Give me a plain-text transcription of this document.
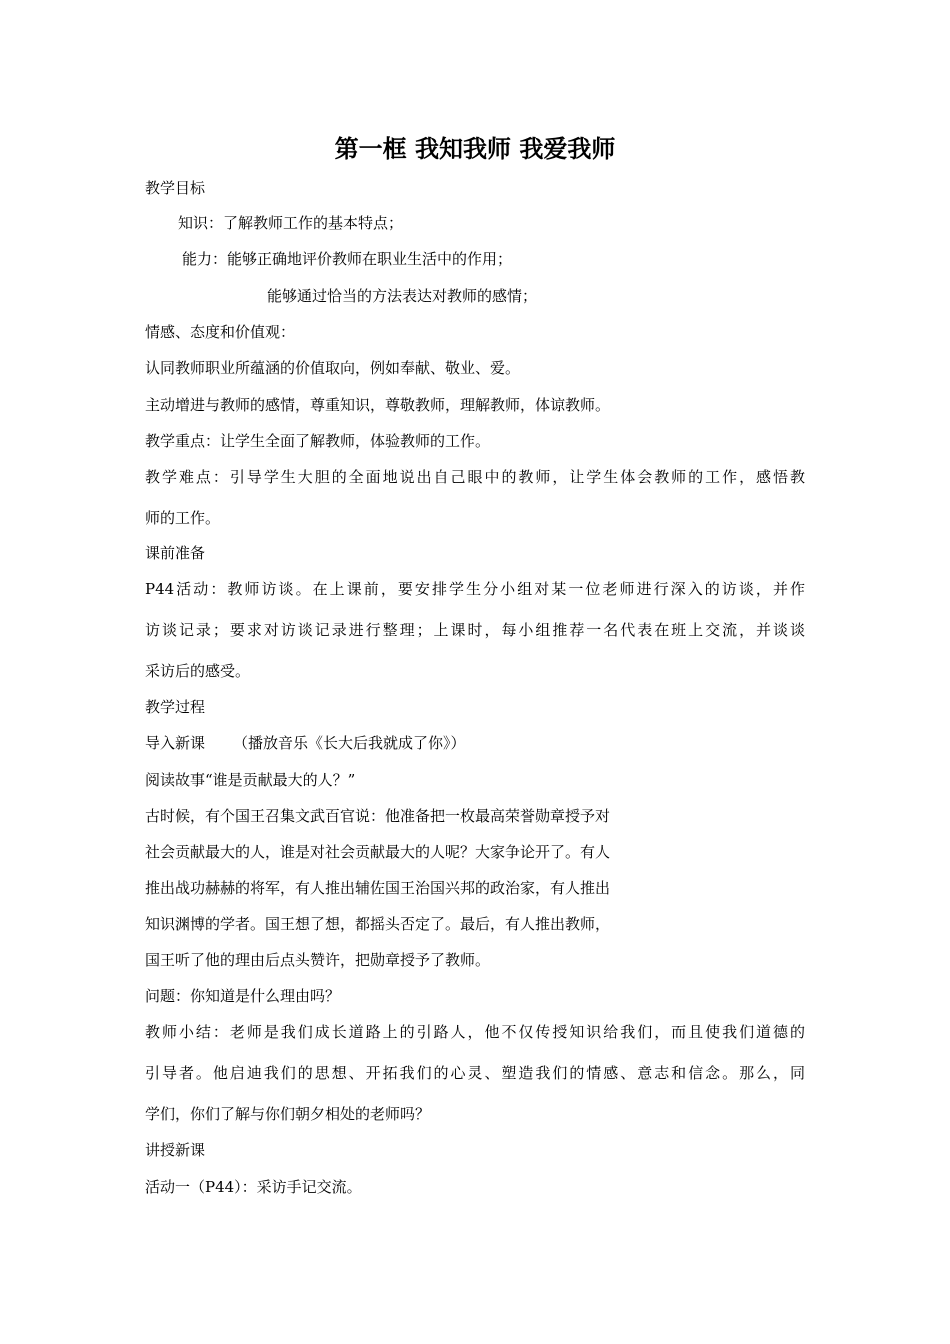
第一框 我知我师 我爱我师
教学目标
知识：了解教师工作的基本特点；
能力：能够正确地评价教师在职业生活中的作用；
能够通过恰当的方法表达对教师的感情；
情感、态度和价值观：
认同教师职业所蕴涵的价值取向，例如奉献、敬业、爱。
主动增进与教师的感情，尊重知识，尊敬教师，理解教师，体谅教师。
教学重点：让学生全面了解教师，体验教师的工作。
教学难点：引导学生大胆的全面地说出自己眼中的教师，让学生体会教师的工作，感悟教
师的工作。
课前准备
P44活动：教师访谈。在上课前，要安排学生分小组对某一位老师进行深入的访谈，并作
访谈记录；要求对访谈记录进行整理；上课时，每小组推荐一名代表在班上交流，并谈谈
采访后的感受。
教学过程
导入新课 （播放音乐《长大后我就成了你》）
阅读故事“谁是贡献最大的人？”
古时候，有个国王召集文武百官说：他准备把一枚最高荣誉勋章授予对
社会贡献最大的人，谁是对社会贡献最大的人呢？大家争论开了。有人
推出战功赫赫的将军，有人推出辅佐国王治国兴邦的政治家，有人推出
知识渊博的学者。国王想了想，都摇头否定了。最后，有人推出教师，
国王听了他的理由后点头赞许，把勋章授予了教师。
问题：你知道是什么理由吗？
教师小结：老师是我们成长道路上的引路人，他不仅传授知识给我们，而且使我们道德的
引导者。他启迪我们的思想、开拓我们的心灵、塑造我们的情感、意志和信念。那么，同
学们，你们了解与你们朝夕相处的老师吗？
讲授新课
活动一（P44）：采访手记交流。
